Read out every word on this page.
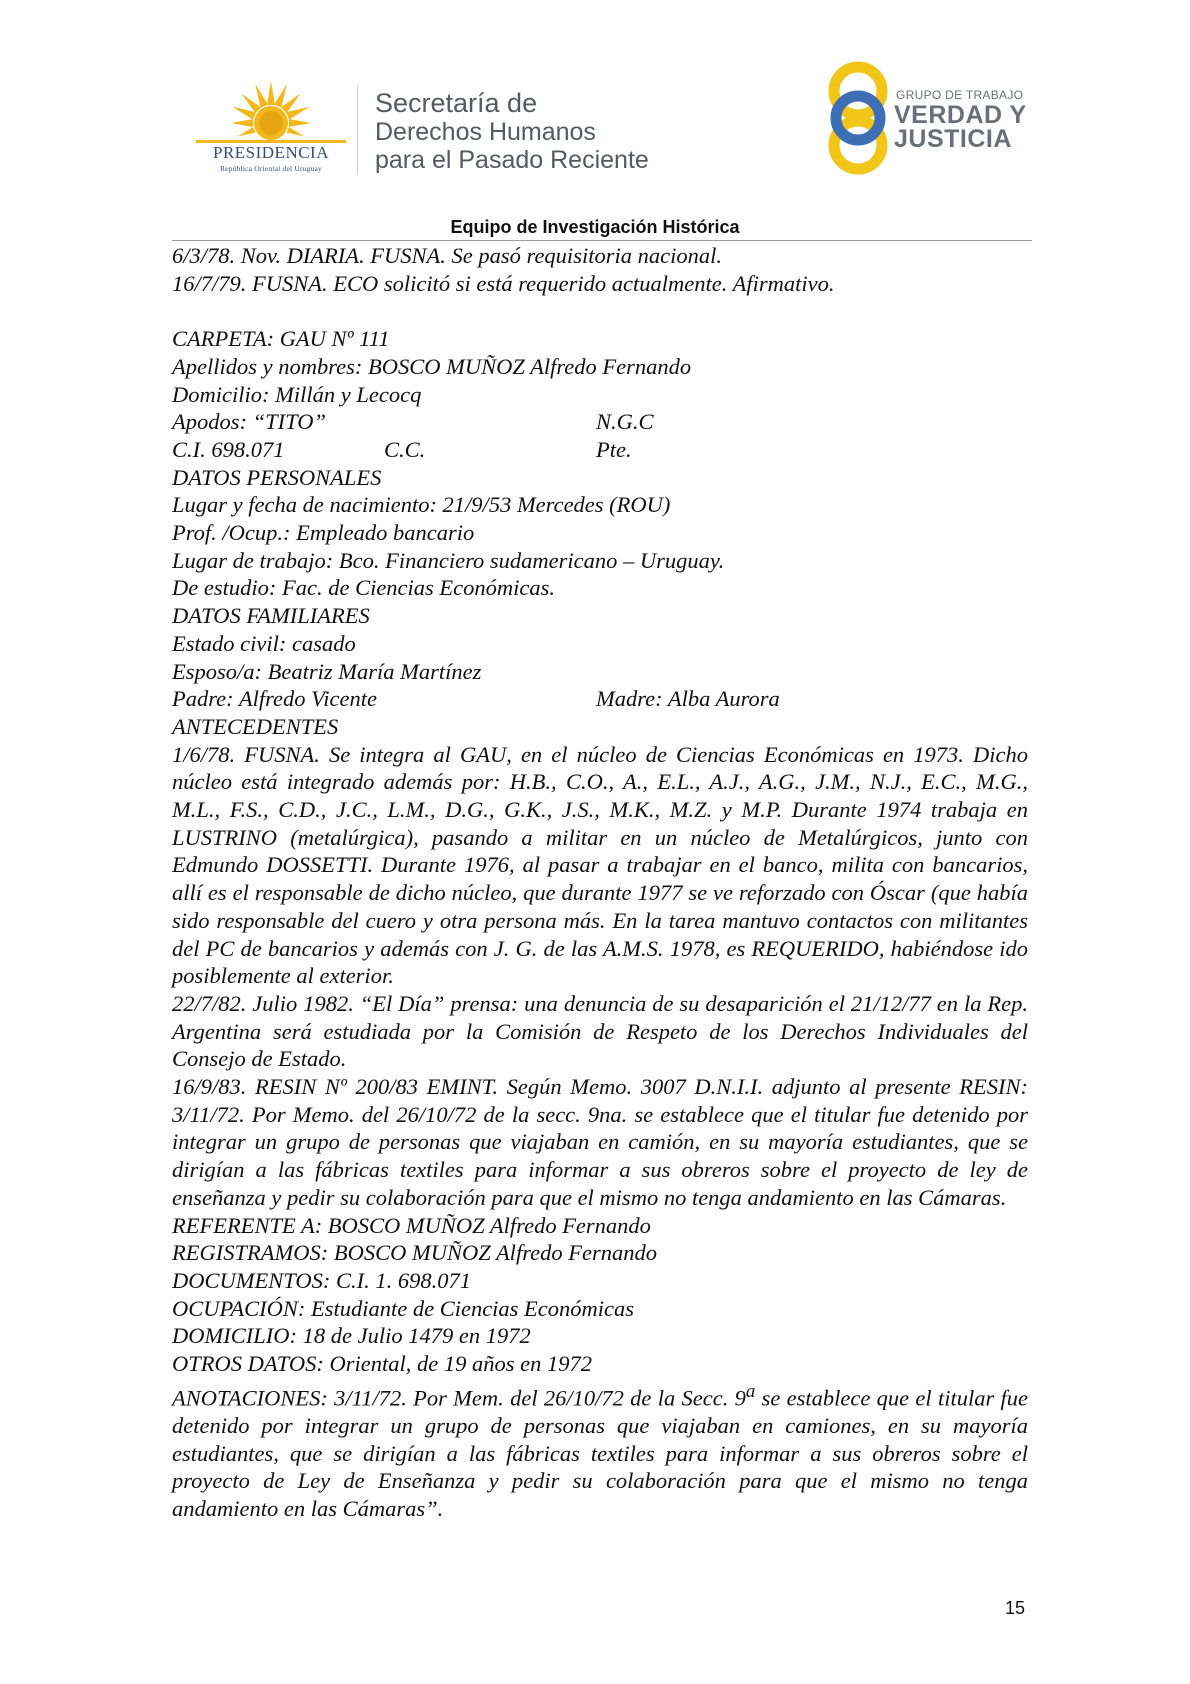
PRESIDENCIA
República Oriental del Uruguay
Secretaría de
Derechos Humanos
para el Pasado Reciente
GRUPO DE TRABAJO
VERDAD Y
JUSTICIA
Equipo de Investigación Histórica

6/3/78. Nov. DIARIA. FUSNA. Se pasó requisitoria nacional.

16/7/79. FUSNA. ECO solicitó si está requerido actualmente. Afirmativo.

CARPETA: GAU Nº 111

Apellidos y nombres: BOSCO MUÑOZ Alfredo Fernando

Domicilio: Millán y Lecocq

Apodos: “TITO”	N.G.C
C.I. 698.071	C.C.	Pte.

DATOS PERSONALES

Lugar y fecha de nacimiento: 21/9/53 Mercedes (ROU)

Prof. /Ocup.: Empleado bancario

Lugar de trabajo: Bco. Financiero sudamericano – Uruguay.

De estudio: Fac. de Ciencias Económicas.

DATOS FAMILIARES

Estado civil: casado

Esposo/a: Beatriz María Martínez

Padre: Alfredo Vicente	Madre: Alba Aurora

ANTECEDENTES

1/6/78. FUSNA. Se integra al GAU, en el núcleo de Ciencias Económicas en 1973. Dicho núcleo está integrado además por: H.B., C.O., A., E.L., A.J., A.G., J.M., N.J., E.C., M.G., M.L., F.S., C.D., J.C., L.M., D.G., G.K., J.S., M.K., M.Z. y M.P. Durante 1974 trabaja en LUSTRINO (metalúrgica), pasando a militar en un núcleo de Metalúrgicos, junto con Edmundo DOSSETTI. Durante 1976, al pasar a trabajar en el banco, milita con bancarios, allí es el responsable de dicho núcleo, que durante 1977 se ve reforzado con Óscar (que había sido responsable del cuero y otra persona más. En la tarea mantuvo contactos con militantes del PC de bancarios y además con J. G. de las A.M.S. 1978, es REQUERIDO, habiéndose ido posiblemente al exterior.

22/7/82. Julio 1982. “El Día” prensa: una denuncia de su desaparición el 21/12/77 en la Rep. Argentina será estudiada por la Comisión de Respeto de los Derechos Individuales del Consejo de Estado.

16/9/83. RESIN Nº 200/83 EMINT. Según Memo. 3007 D.N.I.I. adjunto al presente RESIN: 3/11/72. Por Memo. del 26/10/72 de la secc. 9na. se establece que el titular fue detenido por integrar un grupo de personas que viajaban en camión, en su mayoría estudiantes, que se dirigían a las fábricas textiles para informar a sus obreros sobre el proyecto de ley de enseñanza y pedir su colaboración para que el mismo no tenga andamiento en las Cámaras.

REFERENTE A: BOSCO MUÑOZ Alfredo Fernando

REGISTRAMOS: BOSCO MUÑOZ Alfredo Fernando

DOCUMENTOS: C.I. 1. 698.071

OCUPACIÓN: Estudiante de Ciencias Económicas

DOMICILIO: 18 de Julio 1479 en 1972

OTROS DATOS: Oriental, de 19 años en 1972

ANOTACIONES: 3/11/72. Por Mem. del 26/10/72 de la Secc. 9$^a$ se establece que el titular fue detenido por integrar un grupo de personas que viajaban en camiones, en su mayoría estudiantes, que se dirigían a las fábricas textiles para informar a sus obreros sobre el proyecto de Ley de Enseñanza y pedir su colaboración para que el mismo no tenga andamiento en las Cámaras”.

15
